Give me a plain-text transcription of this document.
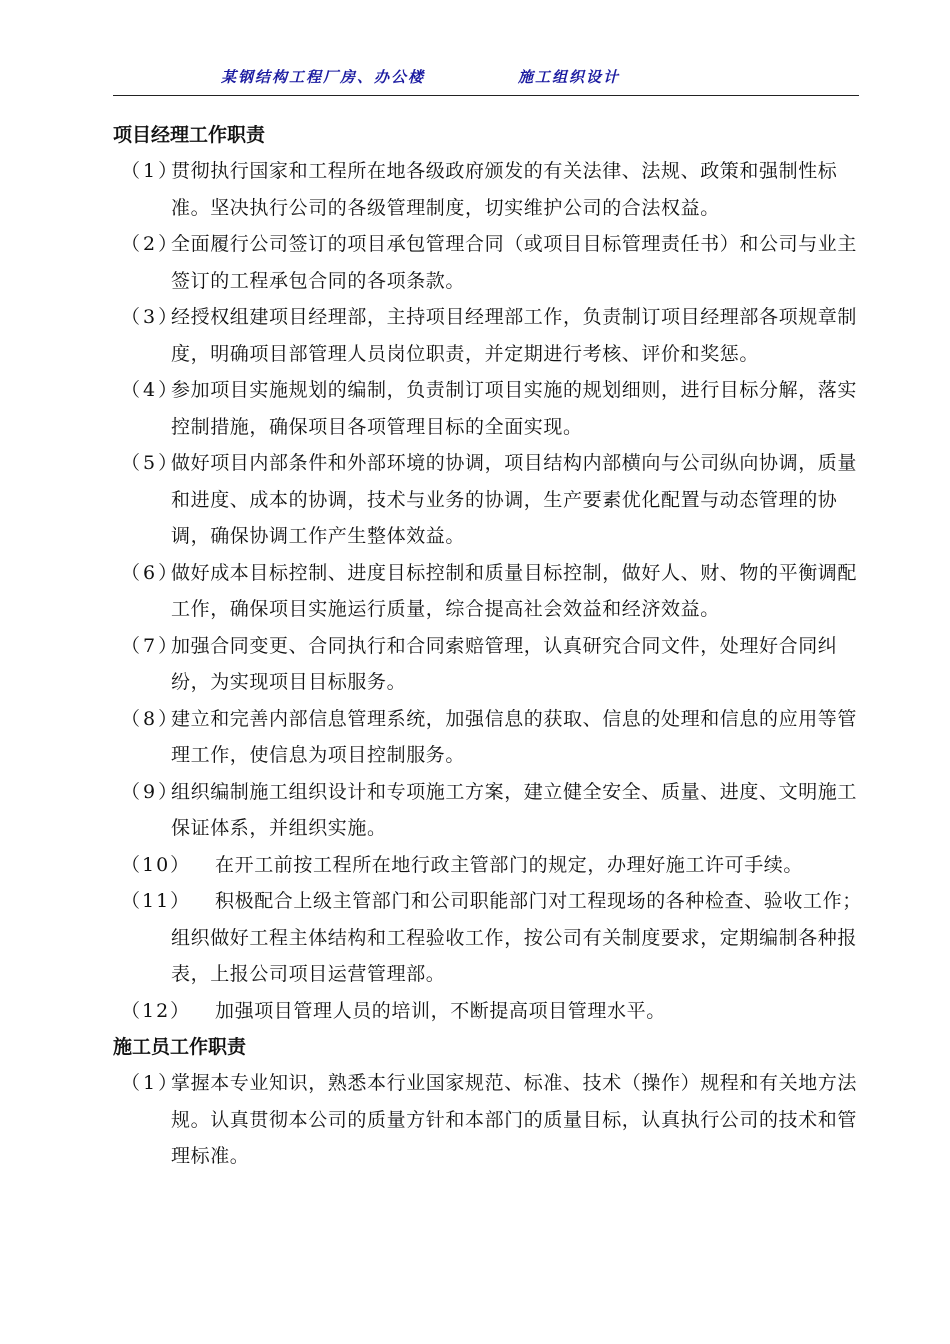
某钢结构工程厂房、办公楼	施工组织设计
项目经理工作职责
（1）
贯彻执行国家和工程所在地各级政府颁发的有关法律、法规、政策和强制性标准。坚决执行公司的各级管理制度，切实维护公司的合法权益。
（2）
全面履行公司签订的项目承包管理合同（或项目目标管理责任书）和公司与业主签订的工程承包合同的各项条款。
（3）
经授权组建项目经理部，主持项目经理部工作，负责制订项目经理部各项规章制度，明确项目部管理人员岗位职责，并定期进行考核、评价和奖惩。
（4）
参加项目实施规划的编制，负责制订项目实施的规划细则，进行目标分解，落实控制措施，确保项目各项管理目标的全面实现。
（5）
做好项目内部条件和外部环境的协调，项目结构内部横向与公司纵向协调，质量和进度、成本的协调，技术与业务的协调，生产要素优化配置与动态管理的协调，确保协调工作产生整体效益。
（6）
做好成本目标控制、进度目标控制和质量目标控制，做好人、财、物的平衡调配工作，确保项目实施运行质量，综合提高社会效益和经济效益。
（7）
加强合同变更、合同执行和合同索赔管理，认真研究合同文件，处理好合同纠纷，为实现项目目标服务。
（8）
建立和完善内部信息管理系统，加强信息的获取、信息的处理和信息的应用等管理工作，使信息为项目控制服务。
（9）
组织编制施工组织设计和专项施工方案，建立健全安全、质量、进度、文明施工保证体系，并组织实施。
（10）	在开工前按工程所在地行政主管部门的规定，办理好施工许可手续。
（11）	积极配合上级主管部门和公司职能部门对工程现场的各种检查、验收工作；组织做好工程主体结构和工程验收工作，按公司有关制度要求，定期编制各种报表，上报公司项目运营管理部。
（12）	加强项目管理人员的培训，不断提高项目管理水平。
施工员工作职责
（1）
掌握本专业知识，熟悉本行业国家规范、标准、技术（操作）规程和有关地方法规。认真贯彻本公司的质量方针和本部门的质量目标，认真执行公司的技术和管理标准。
